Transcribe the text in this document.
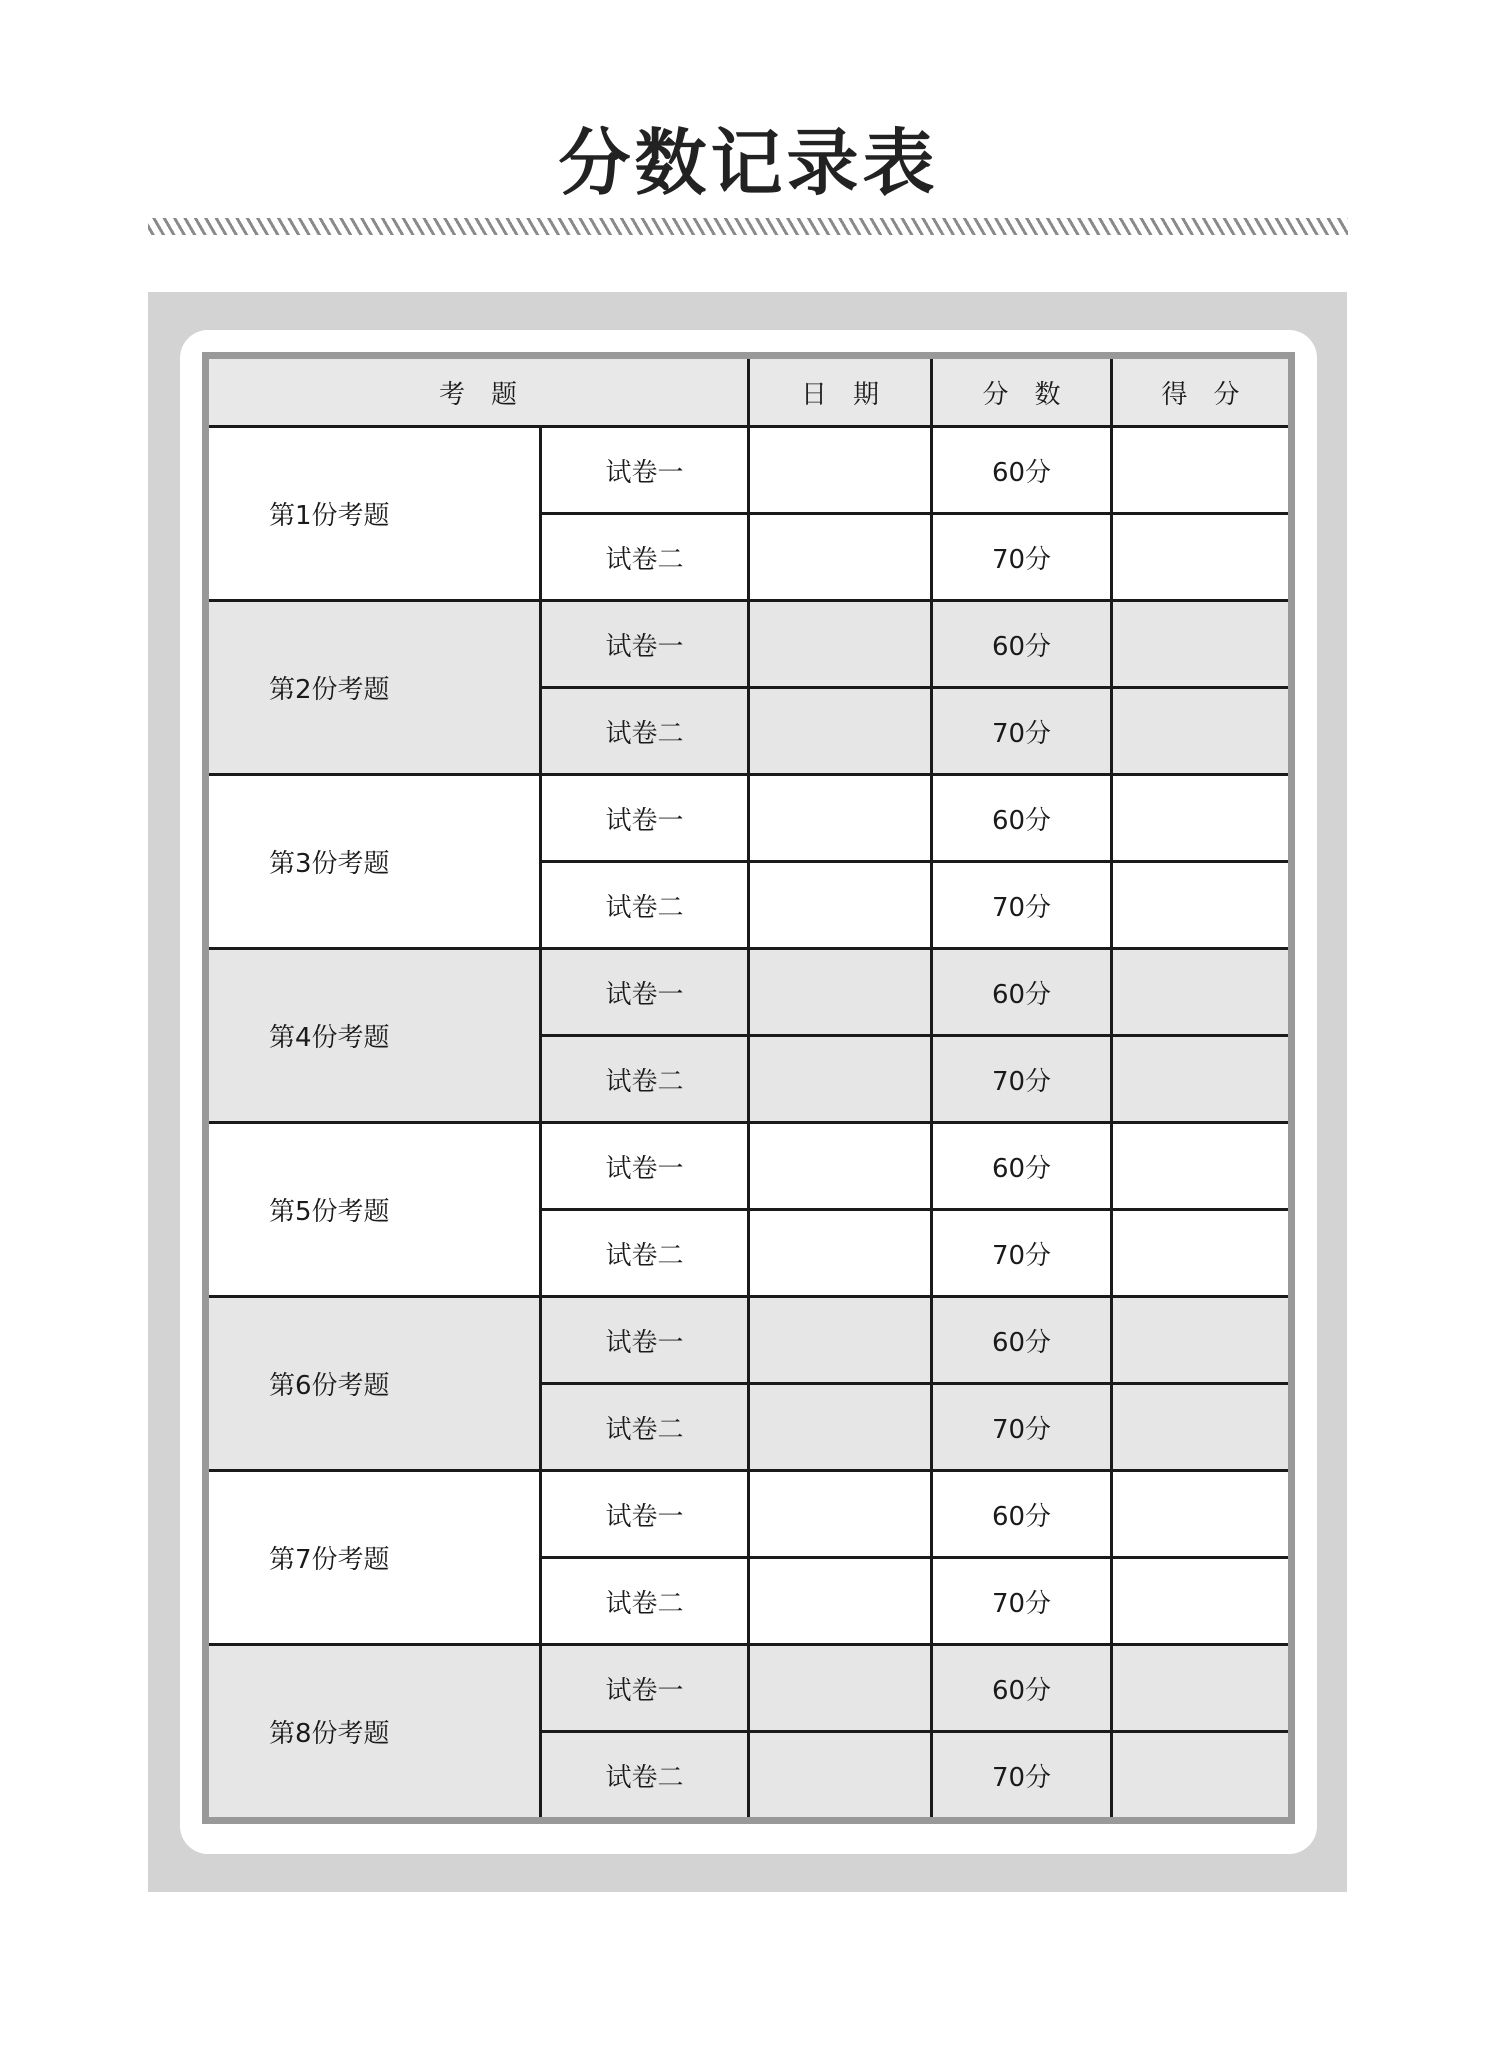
分数记录表
考　题		日　期	分　数	得　分
第1份考题	试卷一		60分	
	试卷二		70分	
第2份考题	试卷一		60分	
	试卷二		70分	
第3份考题	试卷一		60分	
	试卷二		70分	
第4份考题	试卷一		60分	
	试卷二		70分	
第5份考题	试卷一		60分	
	试卷二		70分	
第6份考题	试卷一		60分	
	试卷二		70分	
第7份考题	试卷一		60分	
	试卷二		70分	
第8份考题	试卷一		60分	
	试卷二		70分	
